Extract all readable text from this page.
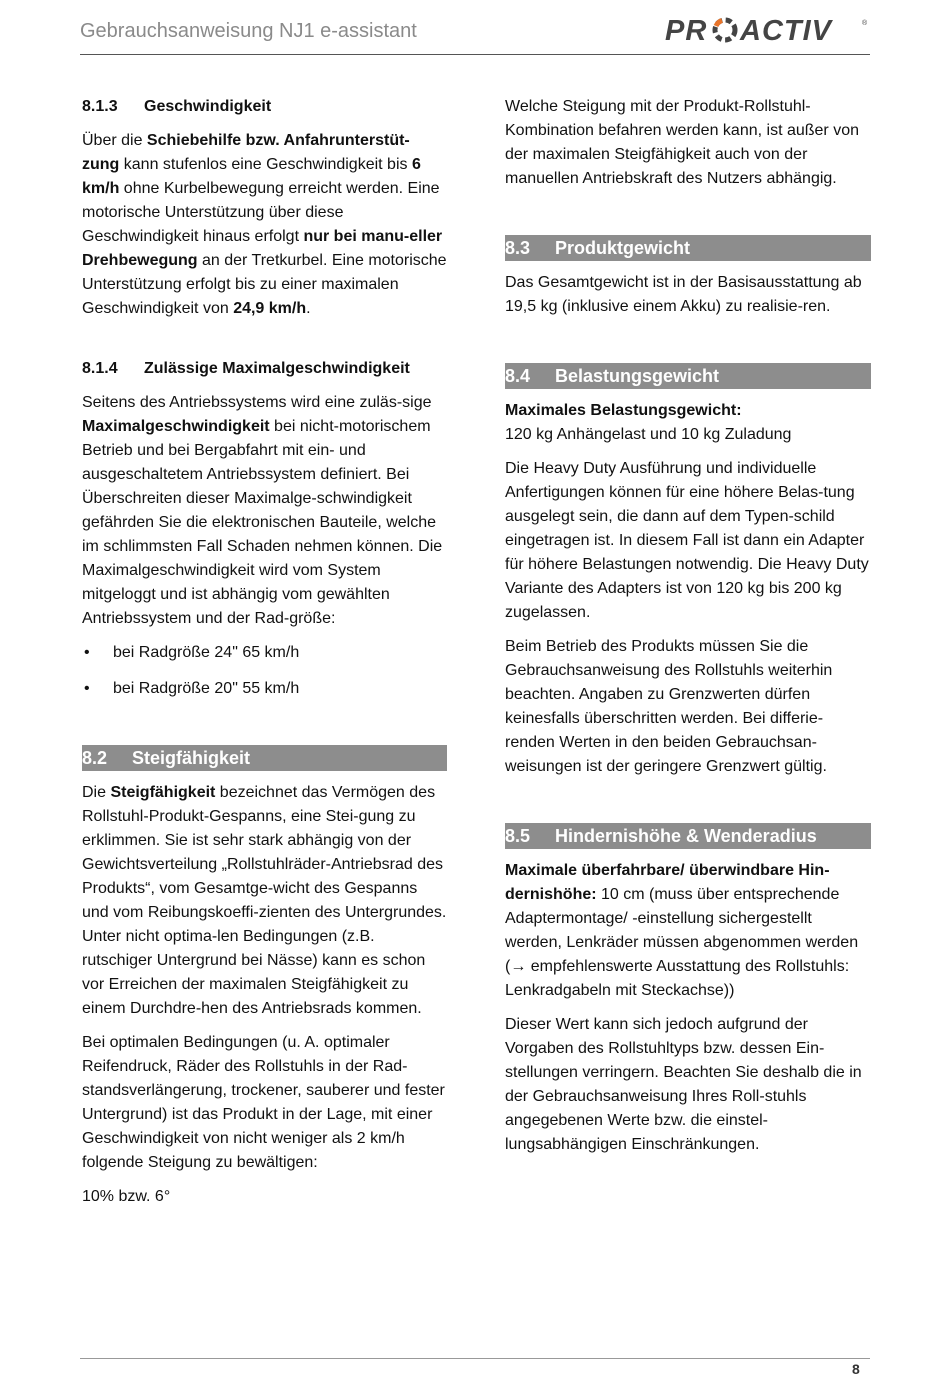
Gebrauchsanweisung NJ1 e-assistant	PR ACTIV	®
8.1.3 Geschwindigkeit

Über die Schiebehilfe bzw. Anfahrunterstüt-zung kann stufenlos eine Geschwindigkeit bis 6 km/h ohne Kurbelbewegung erreicht werden. Eine motorische Unterstützung über diese Geschwindigkeit hinaus erfolgt nur bei manu-eller Drehbewegung an der Tretkurbel. Eine motorische Unterstützung erfolgt bis zu einer maximalen Geschwindigkeit von 24,9 km/h.

8.1.4 Zulässige Maximalgeschwindigkeit

Seitens des Antriebssystems wird eine zuläs-sige Maximalgeschwindigkeit bei nicht-motorischem Betrieb und bei Bergabfahrt mit ein- und ausgeschaltetem Antriebssystem definiert. Bei Überschreiten dieser Maximalge-schwindigkeit gefährden Sie die elektronischen Bauteile, welche im schlimmsten Fall Schaden nehmen können. Die Maximalgeschwindigkeit wird vom System mitgeloggt und ist abhängig vom gewählten Antriebssystem und der Rad-größe:

• bei Radgröße 24" 65 km/h
• bei Radgröße 20" 55 km/h
8.2 Steigfähigkeit

Die Steigfähigkeit bezeichnet das Vermögen des Rollstuhl-Produkt-Gespanns, eine Stei-gung zu erklimmen. Sie ist sehr stark abhängig von der Gewichtsverteilung „Rollstuhlräder-Antriebsrad des Produkts“, vom Gesamtge-wicht des Gespanns und vom Reibungskoeffi-zienten des Untergrundes. Unter nicht optima-len Bedingungen (z.B. rutschiger Untergrund bei Nässe) kann es schon vor Erreichen der maximalen Steigfähigkeit zu einem Durchdre-hen des Antriebsrads kommen.

Bei optimalen Bedingungen (u. A. optimaler Reifendruck, Räder des Rollstuhls in der Rad-standsverlängerung, trockener, sauberer und fester Untergrund) ist das Produkt in der Lage, mit einer Geschwindigkeit von nicht weniger als 2 km/h folgende Steigung zu bewältigen:

10% bzw. 6°

Welche Steigung mit der Produkt-Rollstuhl-Kombination befahren werden kann, ist außer von der maximalen Steigfähigkeit auch von der manuellen Antriebskraft des Nutzers abhängig.

8.3 Produktgewicht

Das Gesamtgewicht ist in der Basisausstattung ab 19,5 kg (inklusive einem Akku) zu realisie-ren.

8.4 Belastungsgewicht

Maximales Belastungsgewicht:
120 kg Anhängelast und 10 kg Zuladung

Die Heavy Duty Ausführung und individuelle Anfertigungen können für eine höhere Belas-tung ausgelegt sein, die dann auf dem Typen-schild eingetragen ist. In diesem Fall ist dann ein Adapter für höhere Belastungen notwendig. Die Heavy Duty Variante des Adapters ist von 120 kg bis 200 kg zugelassen.

Beim Betrieb des Produkts müssen Sie die Gebrauchsanweisung des Rollstuhls weiterhin beachten. Angaben zu Grenzwerten dürfen keinesfalls überschritten werden. Bei differie-renden Werten in den beiden Gebrauchsan-weisungen ist der geringere Grenzwert gültig.

8.5 Hindernishöhe & Wenderadius

Maximale überfahrbare/ überwindbare Hin-dernishöhe: 10 cm (muss über entsprechende Adaptermontage/ -einstellung sichergestellt werden, Lenkräder müssen abgenommen werden (→ empfehlenswerte Ausstattung des Rollstuhls: Lenkradgabeln mit Steckachse))

Dieser Wert kann sich jedoch aufgrund der Vorgaben des Rollstuhltyps bzw. dessen Ein-stellungen verringern. Beachten Sie deshalb die in der Gebrauchsanweisung Ihres Roll-stuhls angegebenen Werte bzw. die einstel-lungsabhängigen Einschränkungen.

8
